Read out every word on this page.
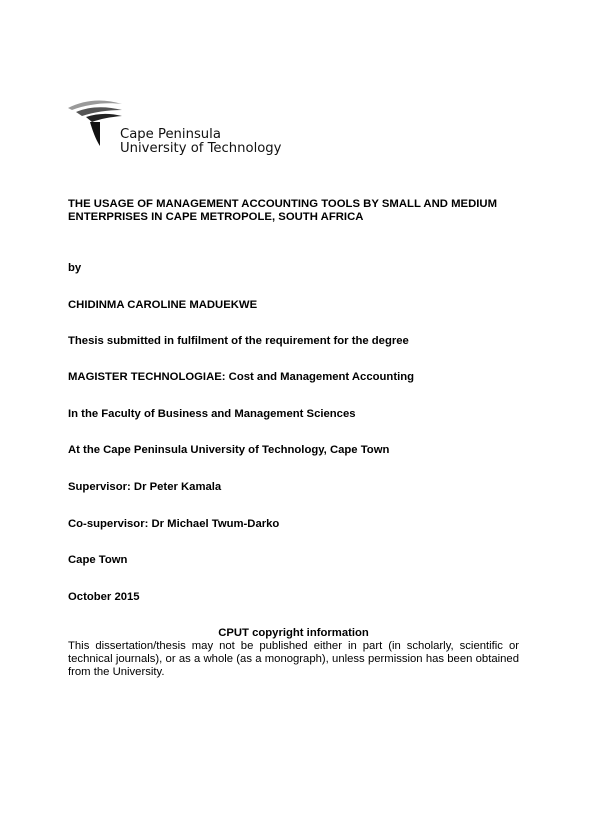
Cape Peninsula
University of Technology
THE USAGE OF MANAGEMENT ACCOUNTING TOOLS BY SMALL AND MEDIUM ENTERPRISES IN CAPE METROPOLE, SOUTH AFRICA
by
CHIDINMA CAROLINE MADUEKWE
Thesis submitted in fulfilment of the requirement for the degree
MAGISTER TECHNOLOGIAE: Cost and Management Accounting
In the Faculty of Business and Management Sciences
At the Cape Peninsula University of Technology, Cape Town
Supervisor: Dr Peter Kamala
Co-supervisor: Dr Michael Twum-Darko
Cape Town
October 2015
CPUT copyright information
This dissertation/thesis may not be published either in part (in scholarly, scientific or technical journals), or as a whole (as a monograph), unless permission has been obtained from the University.
